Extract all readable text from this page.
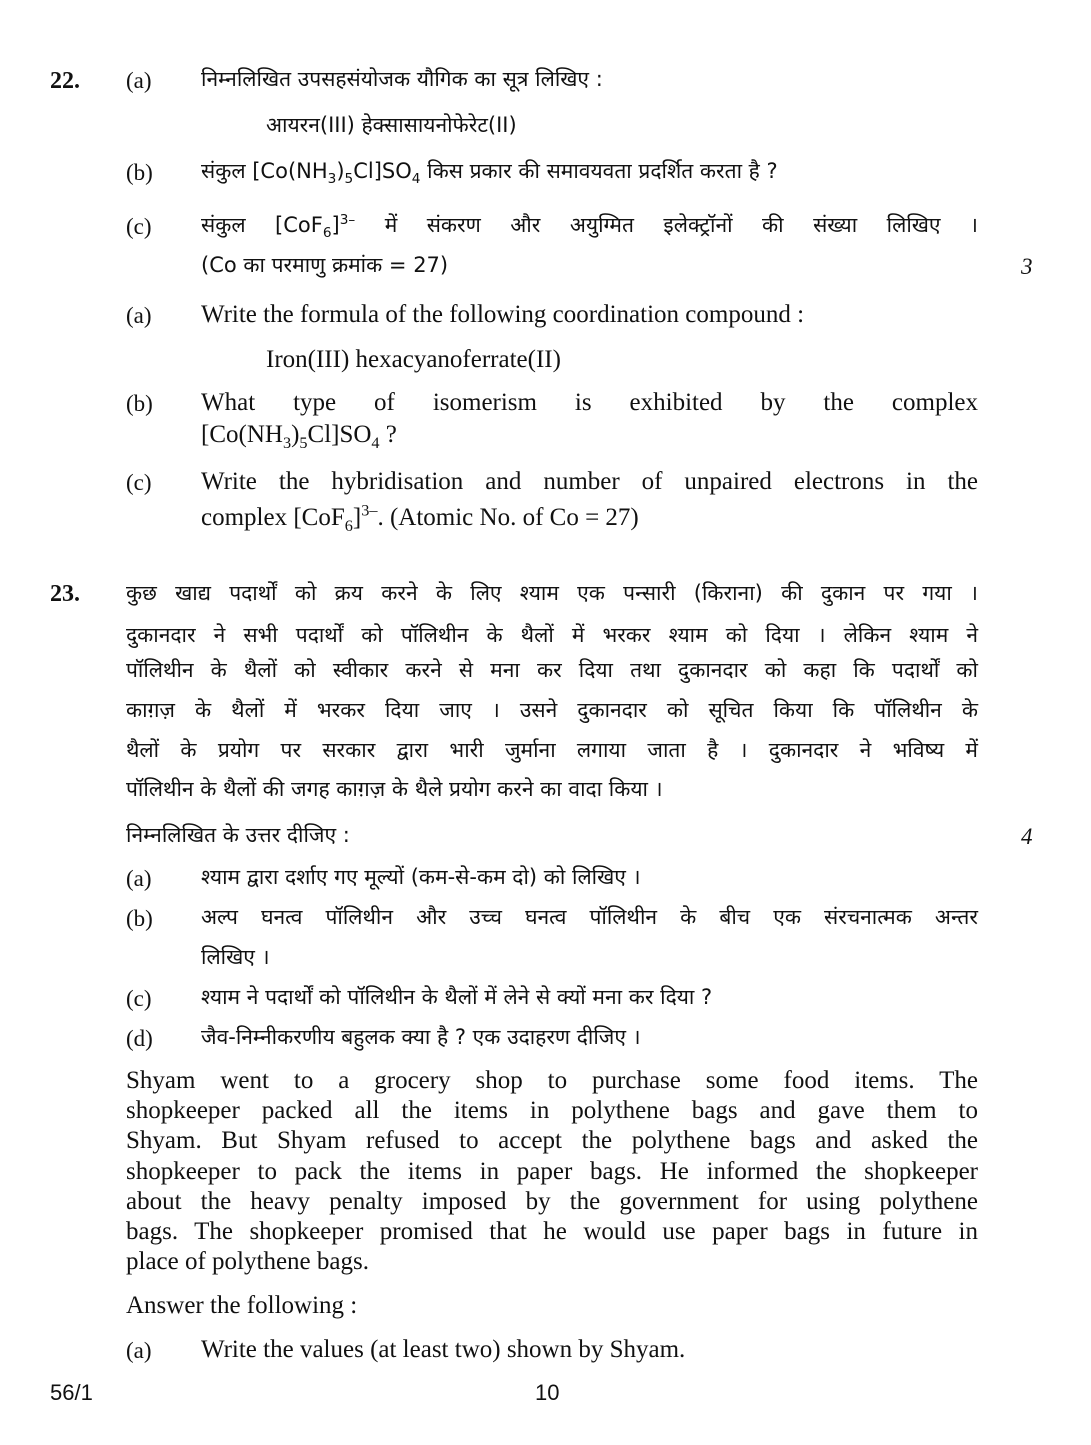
22. (a) निम्नलिखित उपसहसंयोजक यौगिक का सूत्र लिखिए :
आयरन(III) हेक्सासायनोफेरेट(II)
(b) संकुल $[Co(NH_3)_5Cl]SO_4$ किस प्रकार की समावयवता प्रदर्शित करता है ?
(c) संकुल $[CoF_6]^{3-}$ में संकरण और अयुग्मित इलेक्ट्रॉनों की संख्या लिखिए ।
(Co का परमाणु क्रमांक = 27)	3
(a) Write the formula of the following coordination compound :
Iron(III) hexacyanoferrate(II)
(b) What type of isomerism is exhibited by the complex
$[Co(NH_3)_5Cl]SO_4$ ?
(c) Write the hybridisation and number of unpaired electrons in the
complex $[CoF_6]^{3-}$. (Atomic No. of Co = 27)
23. कुछ खाद्य पदार्थों को क्रय करने के लिए श्याम एक पन्सारी (किराना) की दुकान पर गया ।
दुकानदार ने सभी पदार्थों को पॉलिथीन के थैलों में भरकर श्याम को दिया । लेकिन श्याम ने
पॉलिथीन के थैलों को स्वीकार करने से मना कर दिया तथा दुकानदार को कहा कि पदार्थों को
काग़ज़ के थैलों में भरकर दिया जाए । उसने दुकानदार को सूचित किया कि पॉलिथीन के
थैलों के प्रयोग पर सरकार द्वारा भारी जुर्माना लगाया जाता है । दुकानदार ने भविष्य में
पॉलिथीन के थैलों की जगह काग़ज़ के थैले प्रयोग करने का वादा किया ।
निम्नलिखित के उत्तर दीजिए :	4
(a) श्याम द्वारा दर्शाए गए मूल्यों (कम-से-कम दो) को लिखिए ।
(b) अल्प घनत्व पॉलिथीन और उच्च घनत्व पॉलिथीन के बीच एक संरचनात्मक अन्तर
लिखिए ।
(c) श्याम ने पदार्थों को पॉलिथीन के थैलों में लेने से क्यों मना कर दिया ?
(d) जैव-निम्नीकरणीय बहुलक क्या है ? एक उदाहरण दीजिए ।
Shyam went to a grocery shop to purchase some food items. The
shopkeeper packed all the items in polythene bags and gave them to
Shyam. But Shyam refused to accept the polythene bags and asked the
shopkeeper to pack the items in paper bags. He informed the shopkeeper
about the heavy penalty imposed by the government for using polythene
bags. The shopkeeper promised that he would use paper bags in future in
place of polythene bags.
Answer the following :
(a) Write the values (at least two) shown by Shyam.
56/1	10
